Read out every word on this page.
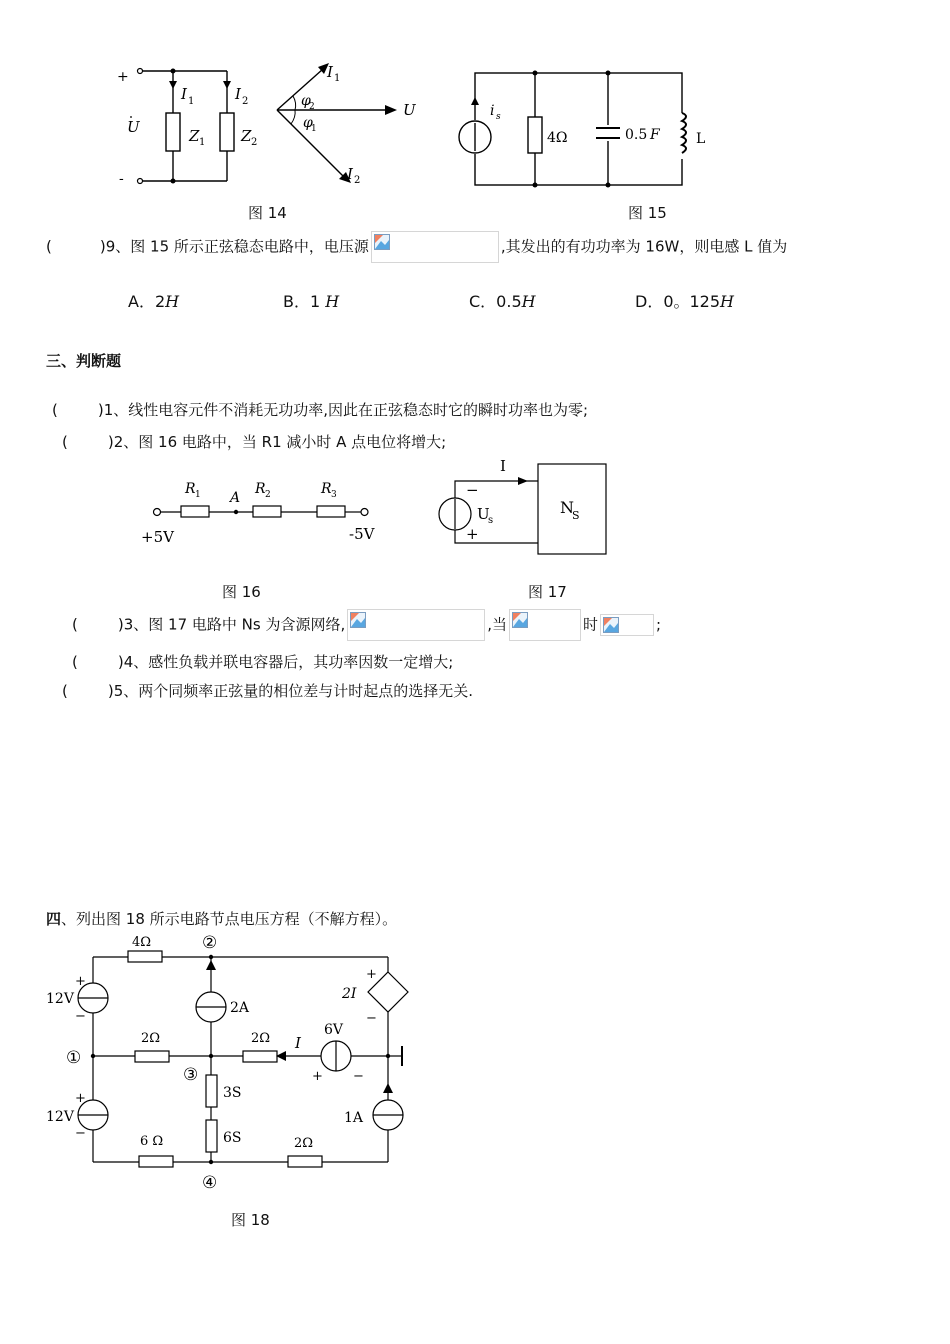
+
-
U
I 1	I 2
Z 1 Z 2
φ
2
φ
1
U
I 1
I 2
i s
4Ω	0.5 F	L
图 14	图 15
(	)9、图 15 所示正弦稳态电路中，电压源	,其发出的有功功率为 16W，则电感 L 值为
A．2H	B．1 H	C．0.5H	D．0。125H
三、判断题
(	)1、线性电容元件不消耗无功功率,因此在正弦稳态时它的瞬时功率也为零;
(	)2、图 16 电路中，当 R1 减小时 A 点电位将增大;
R 1 A
R 2	R 3
+5V	-5V
I
−
+
U
s
N
S
图 16	图 17
(	)3、图 17 电路中 Ns 为含源网络,	,当	时	;
(	)4、感性负载并联电容器后，其功率因数一定增大;
(	)5、两个同频率正弦量的相位差与计时起点的选择无关.
四、列出图 18 所示电路节点电压方程（不解方程）。
4Ω
+
−
12V
+
−
12V
2A
2Ω	2Ω I
6V
+ −
+
−
2I
1A
3S
6S
6 Ω	2Ω
①
②
③
④
图 18
